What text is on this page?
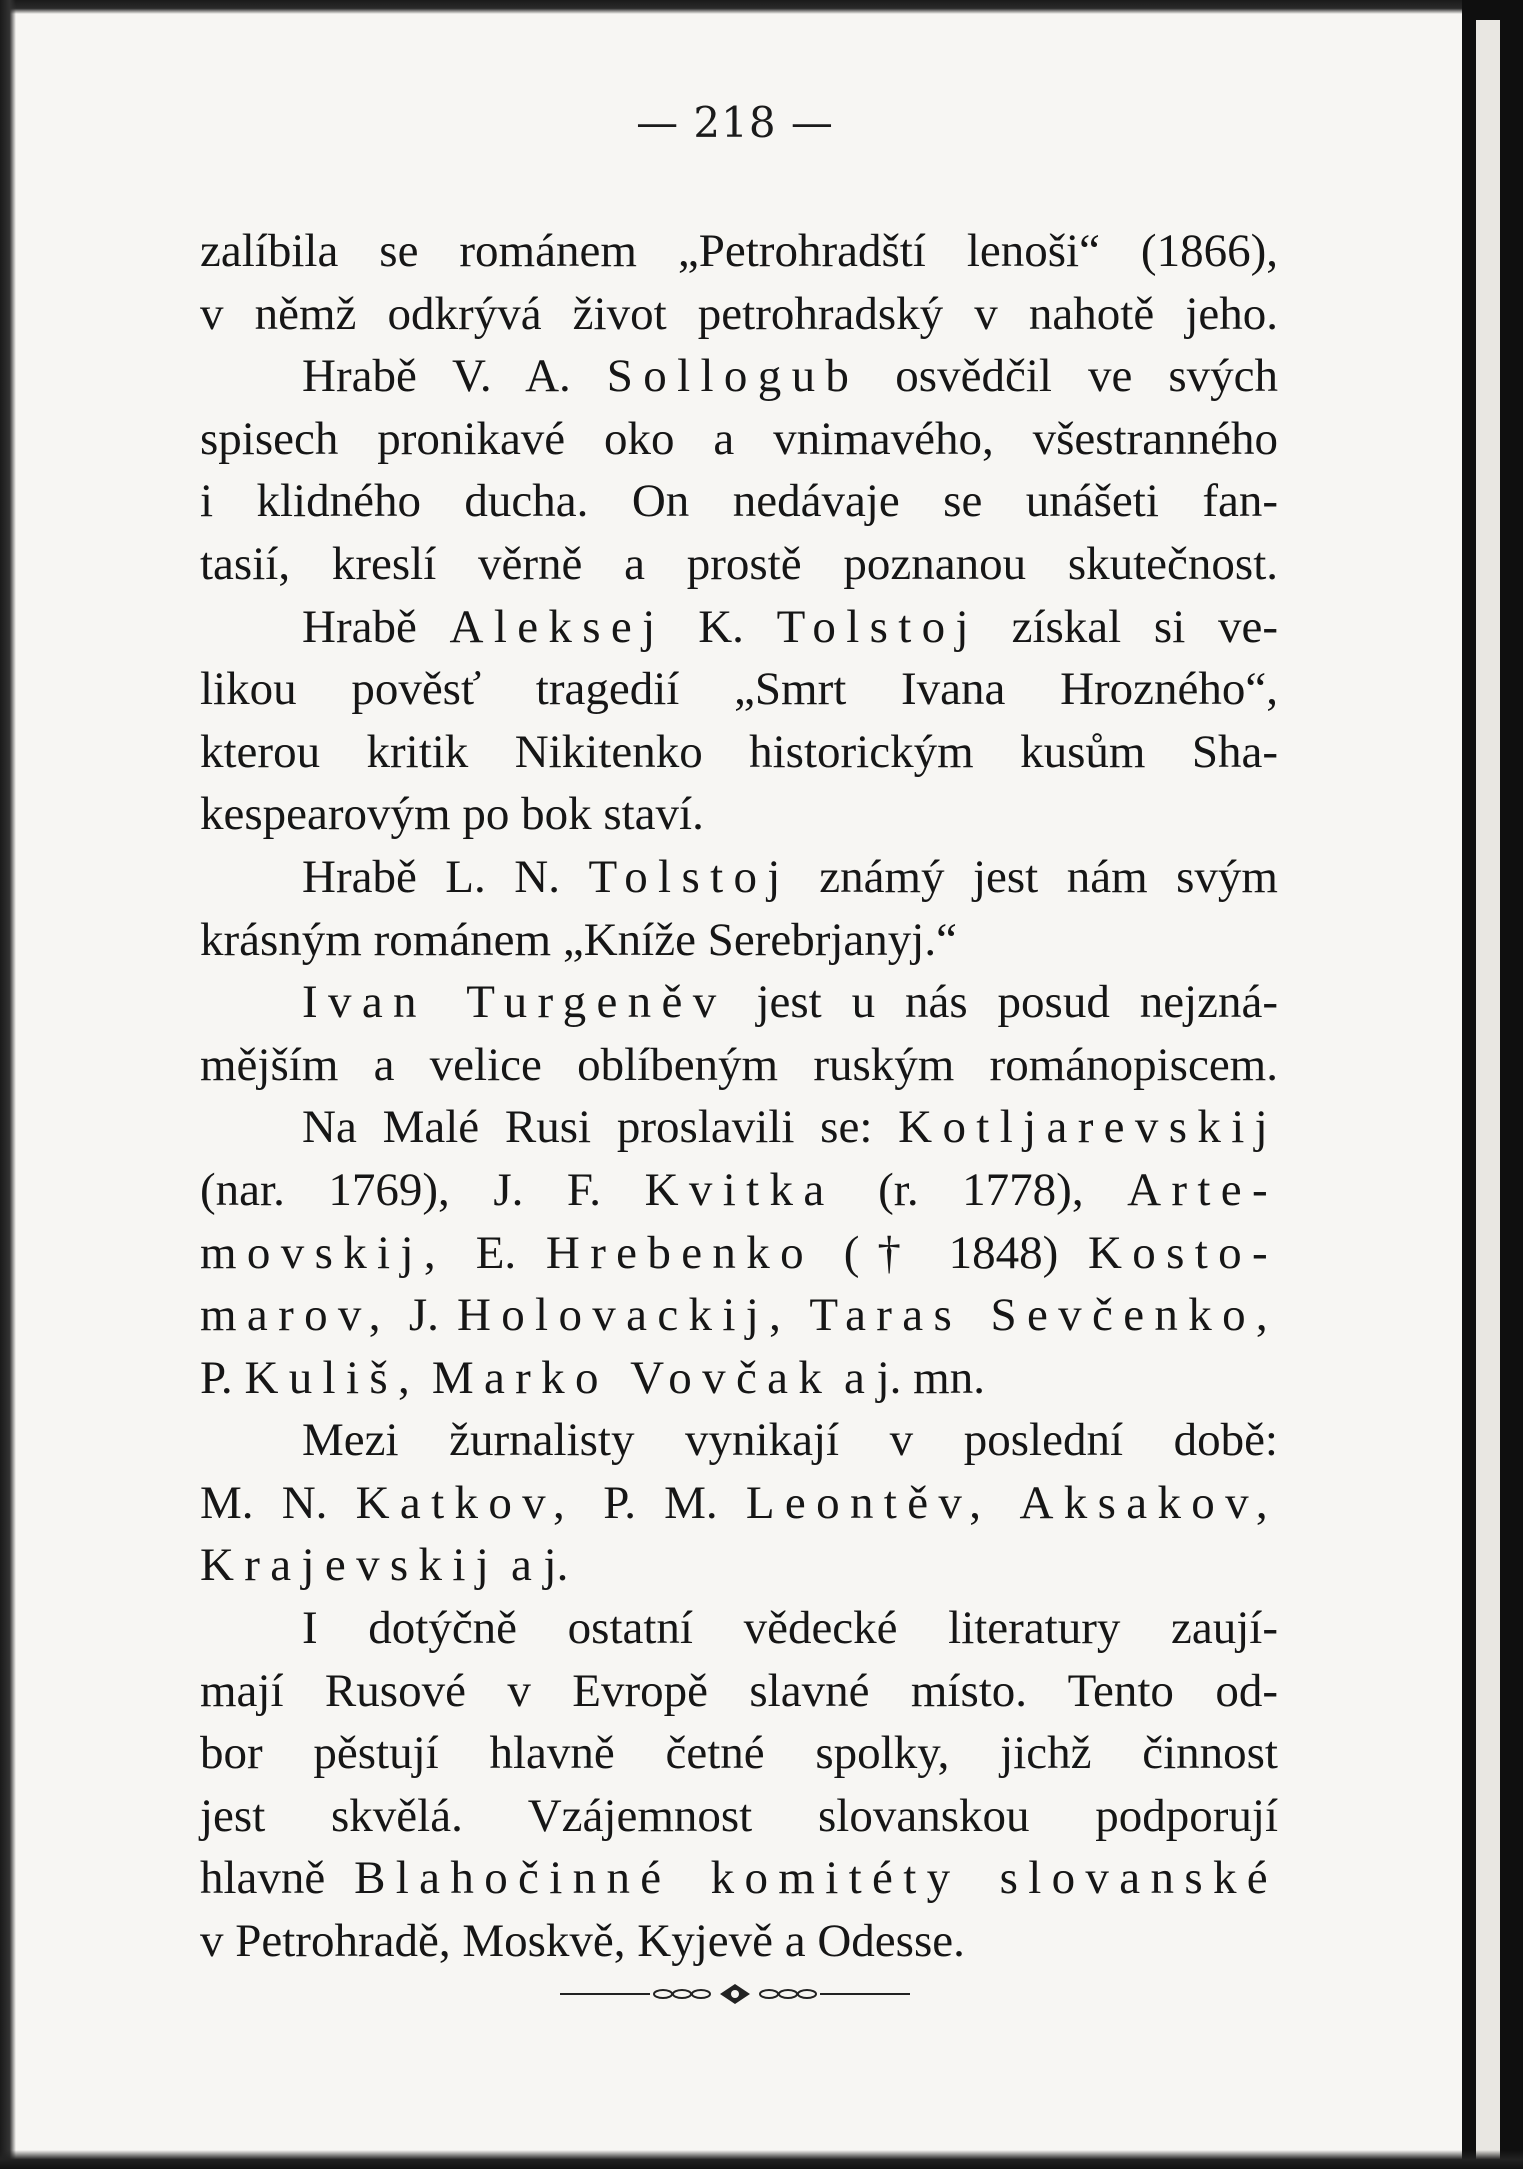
— 218 —
zalíbila se románem „Petrohradští lenoši“ (1866),
v němž odkrývá život petrohradský v nahotě jeho.
Hrabě V. A. Sollogub osvědčil ve svých
spisech pronikavé oko a vnimavého, všestranného
i klidného ducha. On nedávaje se unášeti fan-
tasií, kreslí věrně a prostě poznanou skutečnost.
Hrabě Aleksej K. Tolstoj získal si ve-
likou pověsť tragedií „Smrt Ivana Hrozného“,
kterou kritik Nikitenko historickým kusům Sha-
kespearovým po bok staví.
Hrabě L. N. Tolstoj známý jest nám svým
krásným románem „Kníže Serebrjanyj.“
Ivan Turgeněv jest u nás posud nejzná-
mějším a velice oblíbeným ruským románopiscem.
Na Malé Rusi proslavili se: Kotljarevskij
(nar. 1769), J. F. Kvitka (r. 1778), Arte-
movskij, E. Hrebenko († 1848) Kosto-
marov, J. Holovackij, Taras Sevčenko,
P. Kuliš, Marko Vovčak a j. mn.
Mezi žurnalisty vynikají v poslední době:
M. N. Katkov, P. M. Leontěv, Aksakov,
Krajevskij a j.
I dotýčně ostatní vědecké literatury zaují-
mají Rusové v Evropě slavné místo. Tento od-
bor pěstují hlavně četné spolky, jichž činnost
jest skvělá. Vzájemnost slovanskou podporují
hlavně Blahočinné komitéty slovanské
v Petrohradě, Moskvě, Kyjevě a Odesse.
